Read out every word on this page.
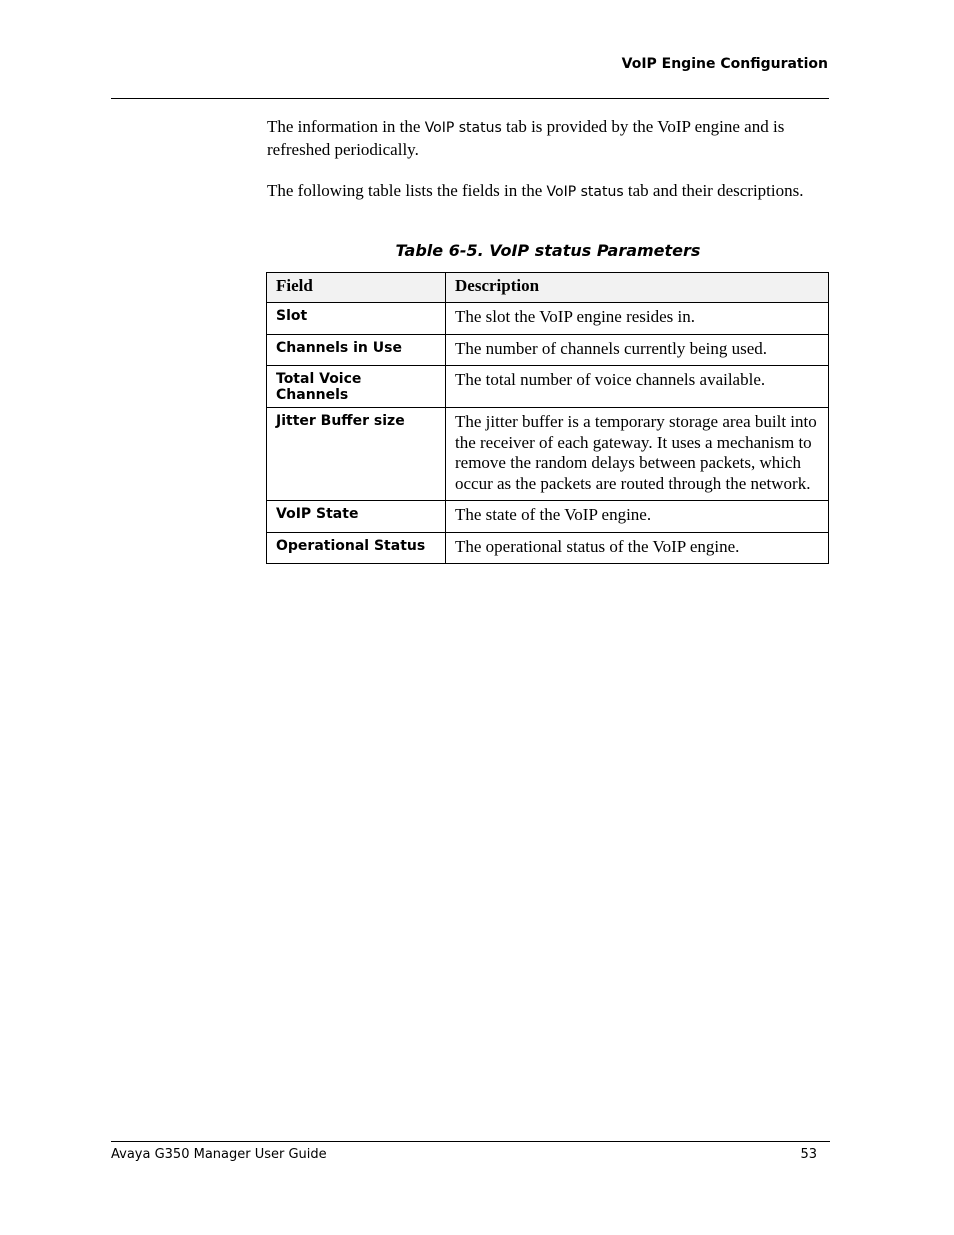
VoIP Engine Configuration

The information in the VoIP status tab is provided by the VoIP engine and is refreshed periodically.

The following table lists the fields in the VoIP status tab and their descriptions.

Table 6-5. VoIP status Parameters
Field	Description
Slot	The slot the VoIP engine resides in.
Channels in Use	The number of channels currently being used.
Total Voice Channels	The total number of voice channels available.
Jitter Buffer size	The jitter buffer is a temporary storage area built into the receiver of each gateway. It uses a mechanism to remove the random delays between packets, which occur as the packets are routed through the network.
VoIP State	The state of the VoIP engine.
Operational Status	The operational status of the VoIP engine.
Avaya G350 Manager User Guide	53
